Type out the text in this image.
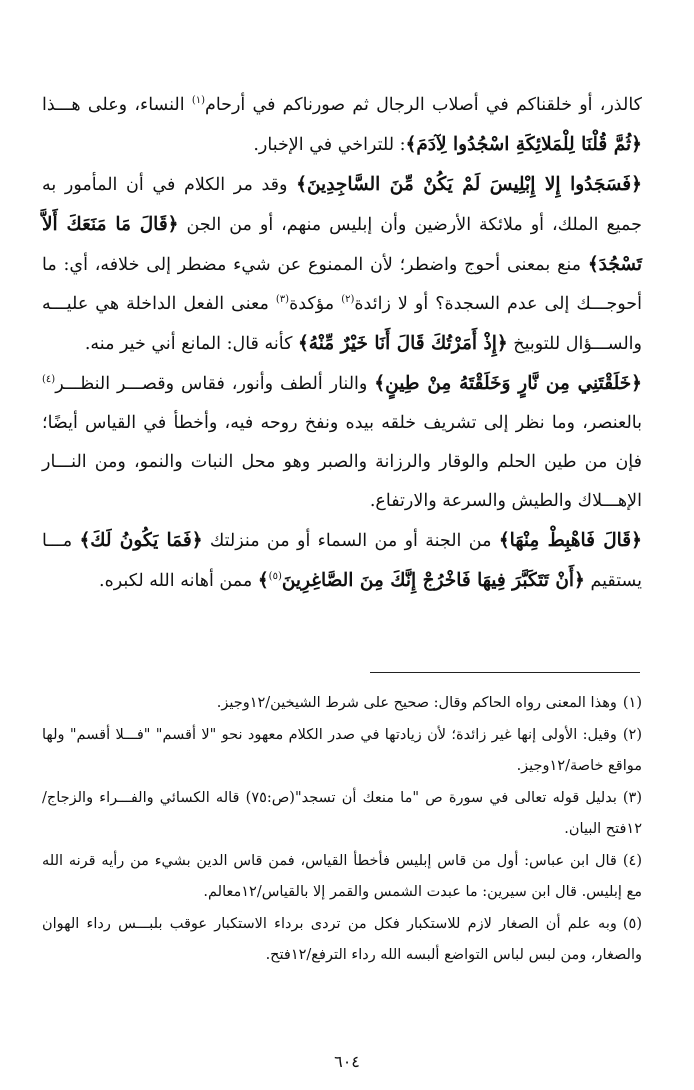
كالذر، أو خلقناكم في أصلاب الرجال ثم صورناكم في أرحام$^{(١)}$ النساء، وعلى هـــذا ﴿ثُمَّ قُلْنَا لِلْمَلائِكَةِ اسْجُدُوا لِآدَمَ﴾: للتراخي في الإخبار.

﴿فَسَجَدُوا إِلا إِبْلِيسَ لَمْ يَكُنْ مِّنَ السَّاجِدِينَ﴾ وقد مر الكلام في أن المأمور به جميع الملك، أو ملائكة الأرضين وأن إبليس منهم، أو من الجن ﴿قَالَ مَا مَنَعَكَ أَلاَّ تَسْجُدَ﴾ منع بمعنى أحوج واضطر؛ لأن الممنوع عن شيء مضطر إلى خلافه، أي: ما أحوجـــك إلى عدم السجدة؟ أو لا زائدة$^{(٢)}$ مؤكدة$^{(٣)}$ معنى الفعل الداخلة هي عليـــه والســـؤال للتوبيخ ﴿إِذْ أَمَرْتُكَ قَالَ أَنَا خَيْرٌ مِّنْهُ﴾ كأنه قال: المانع أني خير منه.

﴿خَلَقْتَنِي مِن نَّارٍ وَخَلَقْتَهُ مِنْ طِينٍ﴾ والنار ألطف وأنور، فقاس وقصـــر النظـــر$^{(٤)}$ بالعنصر، وما نظر إلى تشريف خلقه بيده ونفخ روحه فيه، وأخطأ في القياس أيضًا؛ فإن من طين الحلم والوقار والرزانة والصبر وهو محل النبات والنمو، ومن النـــار الإهـــلاك والطيش والسرعة والارتفاع.

﴿قَالَ فَاهْبِطْ مِنْهَا﴾ من الجنة أو من السماء أو من منزلتك ﴿فَمَا يَكُونُ لَكَ﴾ مـــا يستقيم ﴿أَنْ تَتَكَبَّرَ فِيهَا فَاخْرُجْ إِنَّكَ مِنَ الصَّاغِرِينَ$^{(٥)}$﴾ ممن أهانه الله لكبره.

(١)وهذا المعنى رواه الحاكم وقال: صحيح على شرط الشيخين/١٢وجيز.

(٢)وقيل: الأولى إنها غير زائدة؛ لأن زيادتها في صدر الكلام معهود نحو "لا أقسم" "فـــلا أقسم" ولها مواقع خاصة/١٢وجيز.

(٣)بدليل قوله تعالى في سورة ص "ما منعك أن تسجد"(ص:٧٥) قاله الكسائي والفـــراء والزجاج/١٢فتح البيان.

(٤)قال ابن عباس: أول من قاس إبليس فأخطأ القياس، فمن قاس الدين بشيء من رأيه قرنه الله مع إبليس. قال ابن سيرين: ما عبدت الشمس والقمر إلا بالقياس/١٢معالم.

(٥)وبه علم أن الصغار لازم للاستكبار فكل من تردى برداء الاستكبار عوقب بلبـــس رداء الهوان والصغار، ومن لبس لباس التواضع ألبسه الله رداء الترفع/١٢فتح.

٦٠٤
